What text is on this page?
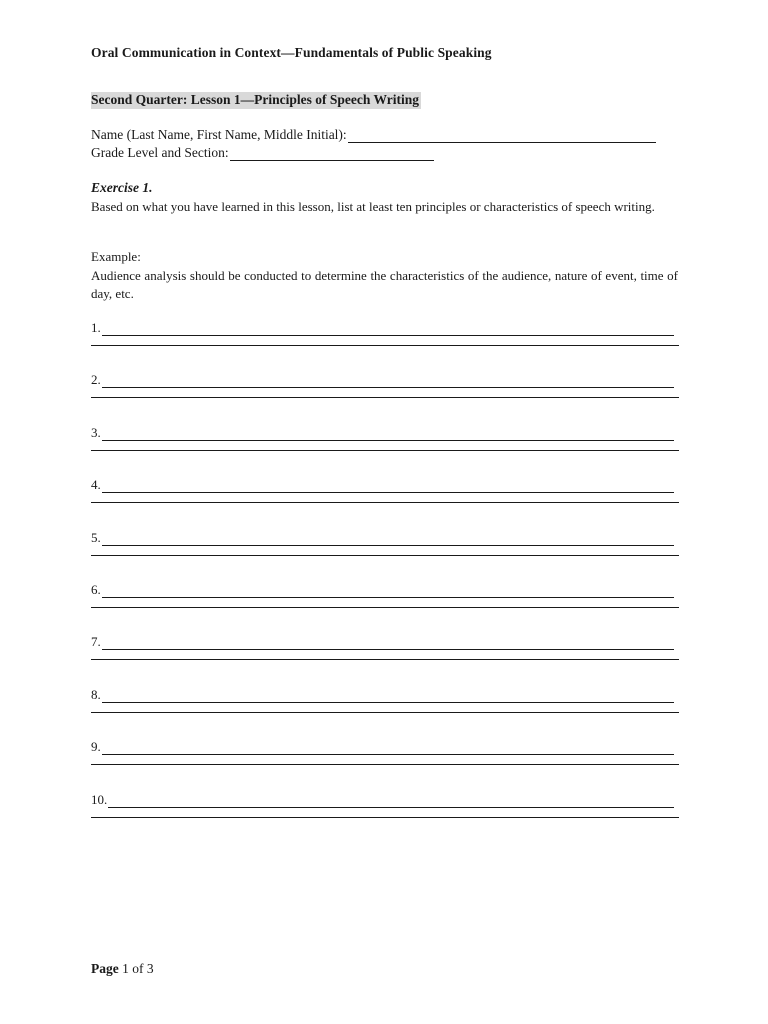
Oral Communication in Context—Fundamentals of Public Speaking
Second Quarter: Lesson 1—Principles of Speech Writing
Name (Last Name, First Name, Middle Initial):
Grade Level and Section:
Exercise 1.
Based on what you have learned in this lesson, list at least ten principles or characteristics of speech writing.
Example:
Audience analysis should be conducted to determine the characteristics of the audience, nature of event, time of day, etc.
1.
2.
3.
4.
5.
6.
7.
8.
9.
10.
Page 1 of 3
